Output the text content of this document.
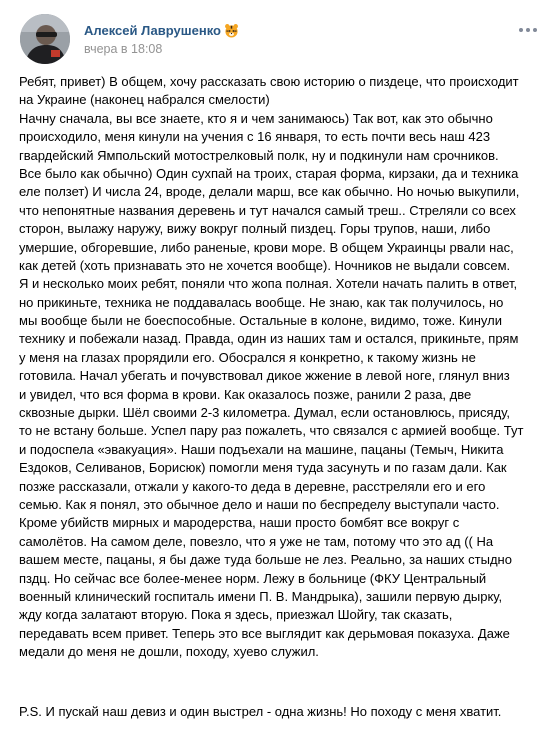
Алексей Лаврушенко
вчера в 18:08
Ребят, привет) В общем, хочу рассказать свою историю о пиздеце, что происходит
на Украине (наконец набрался смелости)
Начну сначала, вы все знаете, кто я и чем занимаюсь) Так вот, как это обычно
происходило, меня кинули на учения с 16 января, то есть почти весь наш 423
гвардейский Ямпольский мотострелковый полк, ну и подкинули нам срочников.
Все было как обычно) Один сухпай на троих, старая форма, кирзаки, да и техника
еле ползет) И числа 24, вроде, делали марш, все как обычно. Но ночью выкупили,
что непонятные названия деревень и тут начался самый треш.. Стреляли со всех
сторон, вылажу наружу, вижу вокруг полный пиздец. Горы трупов, наши, либо
умершие, обгоревшие, либо раненые, крови море. В общем Украинцы рвали нас,
как детей (хоть признавать это не хочется вообще). Ночников не выдали совсем.
Я и несколько моих ребят, поняли что жопа полная. Хотели начать палить в ответ,
но прикиньте, техника не поддавалась вообще. Не знаю, как так получилось, но
мы вообще были не боеспособные. Остальные в колоне, видимо, тоже. Кинули
технику и побежали назад. Правда, один из наших там и остался, прикиньте, прям
у меня на глазах прорядили его. Обосрался я конкретно, к такому жизнь не
готовила. Начал убегать и почувствовал дикое жжение в левой ноге, глянул вниз
и увидел, что вся форма в крови. Как оказалось позже, ранили 2 раза, две
сквозные дырки. Шёл своими 2-3 километра. Думал, если остановлюсь, присяду,
то не встану больше. Успел пару раз пожалеть, что связался с армией вообще. Тут
и подоспела «эвакуация». Наши подъехали на машине, пацаны (Темыч, Никита
Ездоков, Селиванов, Борисюк) помогли меня туда засунуть и по газам дали. Как
позже рассказали, отжали у какого-то деда в деревне, расстреляли его и его
семью. Как я понял, это обычное дело и наши по беспределу выступали часто.
Кроме убийств мирных и мародерства, наши просто бомбят все вокруг с
самолётов. На самом деле, повезло, что я уже не там, потому что это ад (( На
вашем месте, пацаны, я бы даже туда больше не лез. Реально, за наших стыдно
пздц. Но сейчас все более-менее норм. Лежу в больнице (ФКУ Центральный
военный клинический госпиталь имени П. В. Мандрыка), зашили первую дырку,
жду когда залатают вторую. Пока я здесь, приезжал Шойгу, так сказать,
передавать всем привет. Теперь это все выглядит как дерьмовая показуха. Даже
медали до меня не дошли, походу, хуево служил.
P.S. И пускай наш девиз и один выстрел - одна жизнь! Но походу с меня хватит.
